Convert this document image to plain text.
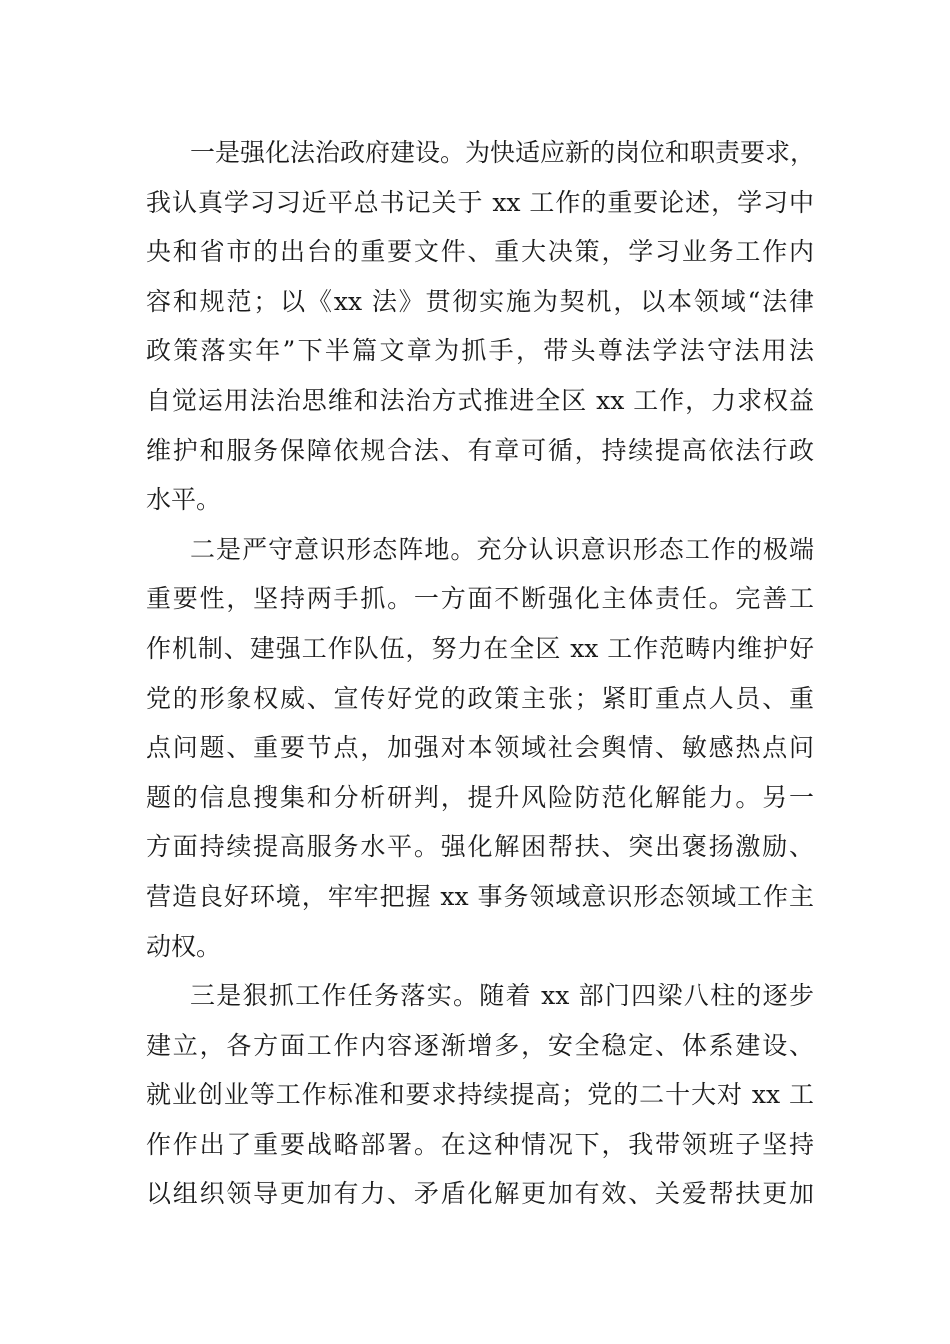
一是强化法治政府建设。为快适应新的岗位和职责要求，
我认真学习习近平总书记关于 xx 工作的重要论述，学习中
央和省市的出台的重要文件、重大决策，学习业务工作内
容和规范；以《xx 法》贯彻实施为契机，以本领域“法律
政策落实年”下半篇文章为抓手，带头尊法学法守法用法
自觉运用法治思维和法治方式推进全区 xx 工作，力求权益
维护和服务保障依规合法、有章可循，持续提高依法行政
水平。
二是严守意识形态阵地。充分认识意识形态工作的极端
重要性，坚持两手抓。一方面不断强化主体责任。完善工
作机制、建强工作队伍，努力在全区 xx 工作范畴内维护好
党的形象权威、宣传好党的政策主张；紧盯重点人员、重
点问题、重要节点，加强对本领域社会舆情、敏感热点问
题的信息搜集和分析研判，提升风险防范化解能力。另一
方面持续提高服务水平。强化解困帮扶、突出褒扬激励、
营造良好环境，牢牢把握 xx 事务领域意识形态领域工作主
动权。
三是狠抓工作任务落实。随着 xx 部门四梁八柱的逐步
建立，各方面工作内容逐渐增多，安全稳定、体系建设、
就业创业等工作标准和要求持续提高；党的二十大对 xx 工
作作出了重要战略部署。在这种情况下，我带领班子坚持
以组织领导更加有力、矛盾化解更加有效、关爱帮扶更加
